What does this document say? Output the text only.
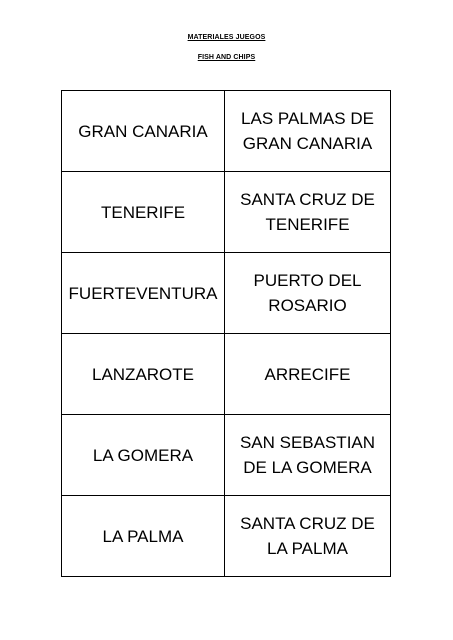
MATERIALES JUEGOS
FISH AND CHIPS
GRAN CANARIA	LAS PALMAS DE GRAN CANARIA
TENERIFE	SANTA CRUZ DE TENERIFE
FUERTEVENTURA	PUERTO DEL ROSARIO
LANZAROTE	ARRECIFE
LA GOMERA	SAN SEBASTIAN DE LA GOMERA
LA PALMA	SANTA CRUZ DE LA PALMA
